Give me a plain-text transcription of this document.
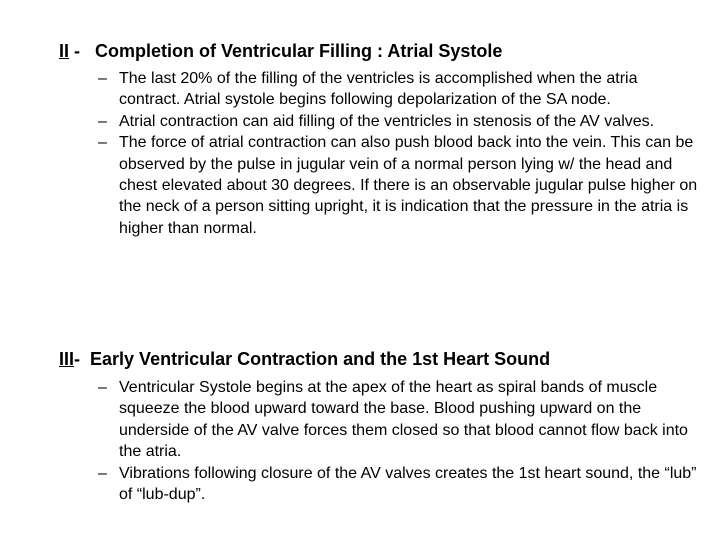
II -   Completion of Ventricular Filling : Atrial Systole
– The last 20% of the filling of the ventricles is accomplished when the atria contract. Atrial systole begins following depolarization of the SA node.
– Atrial contraction can aid filling of the ventricles in stenosis of the AV valves.
– The force of atrial contraction can also push blood back into the vein. This can be observed by the pulse in jugular vein of a normal person lying w/ the head and chest elevated about 30 degrees. If there is an observable jugular pulse higher on the neck of a person sitting upright, it is indication that the pressure in the atria is higher than normal.
III-  Early Ventricular Contraction and the 1st Heart Sound
– Ventricular Systole begins at the apex of the heart as spiral bands of muscle squeeze the blood upward toward the base. Blood pushing upward on the underside of the AV valve forces them closed so that blood cannot flow back into the atria.
– Vibrations following closure of the AV valves creates the 1st heart sound, the “lub” of “lub-dup”.
